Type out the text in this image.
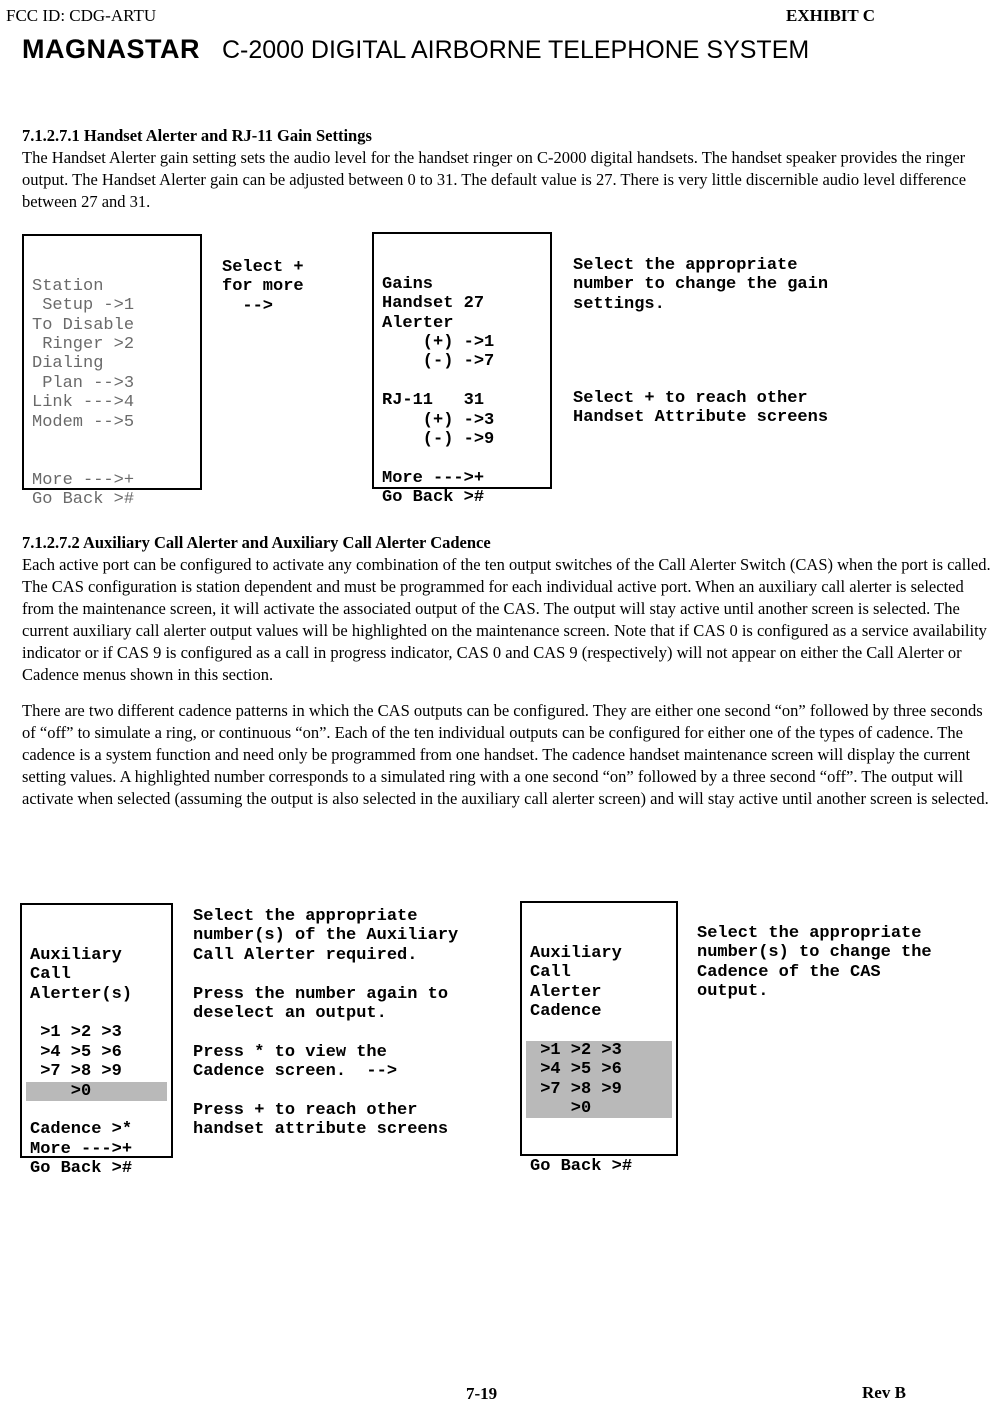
FCC ID: CDG-ARTU	EXHIBIT C
MAGNASTAR C-2000 DIGITAL AIRBORNE TELEPHONE SYSTEM
7.1.2.7.1 Handset Alerter and RJ-11 Gain Settings

The Handset Alerter gain setting sets the audio level for the handset ringer on C-2000 digital handsets. The handset speaker provides the ringer output. The Handset Alerter gain can be adjusted between 0 to 31. The default value is 27. There is very little discernible audio level difference between 27 and 31.

Station
Setup ->1
To Disable
Ringer >2
Dialing
Plan -->3
Link --->4
Modem -->5
More --->+
Go Back >#

Select +
for more
-->

Gains
Handset 27
Alerter
(+) ->1
(-) ->7
RJ-11   31
(+) ->3
(-) ->9
More --->+
Go Back >#

Select the appropriate
number to change the gain
settings.
Select + to reach other
Handset Attribute screens
7.1.2.7.2 Auxiliary Call Alerter and Auxiliary Call Alerter Cadence

Each active port can be configured to activate any combination of the ten output switches of the Call Alerter Switch (CAS) when the port is called. The CAS configuration is station dependent and must be programmed for each individual active port. When an auxiliary call alerter is selected from the maintenance screen, it will activate the associated output of the CAS. The output will stay active until another screen is selected. The current auxiliary call alerter output values will be highlighted on the maintenance screen. Note that if CAS 0 is configured as a service availability indicator or if CAS 9 is configured as a call in progress indicator, CAS 0 and CAS 9 (respectively) will not appear on either the Call Alerter or Cadence menus shown in this section.

There are two different cadence patterns in which the CAS outputs can be configured. They are either one second “on” followed by three seconds of “off” to simulate a ring, or continuous “on”. Each of the ten individual outputs can be configured for either one of the types of cadence. The cadence is a system function and need only be programmed from one handset. The cadence handset maintenance screen will display the current setting values. A highlighted number corresponds to a simulated ring with a one second “on” followed by a three second “off”. The output will activate when selected (assuming the output is also selected in the auxiliary call alerter screen) and will stay active until another screen is selected.

Auxiliary
Call
Alerter(s)
>1 >2 >3
>4 >5 >6
>7 >8 >9
>0
Cadence >*
More --->+
Go Back >#

Select the appropriate
number(s) of the Auxiliary
Call Alerter required.
Press the number again to
deselect an output.
Press * to view the
Cadence screen.  -->
Press + to reach other
handset attribute screens

Auxiliary
Call
Alerter
Cadence
>1 >2 >3
>4 >5 >6
>7 >8 >9
>0
Go Back >#

Select the appropriate
number(s) to change the
Cadence of the CAS
output.
7-19	Rev B
